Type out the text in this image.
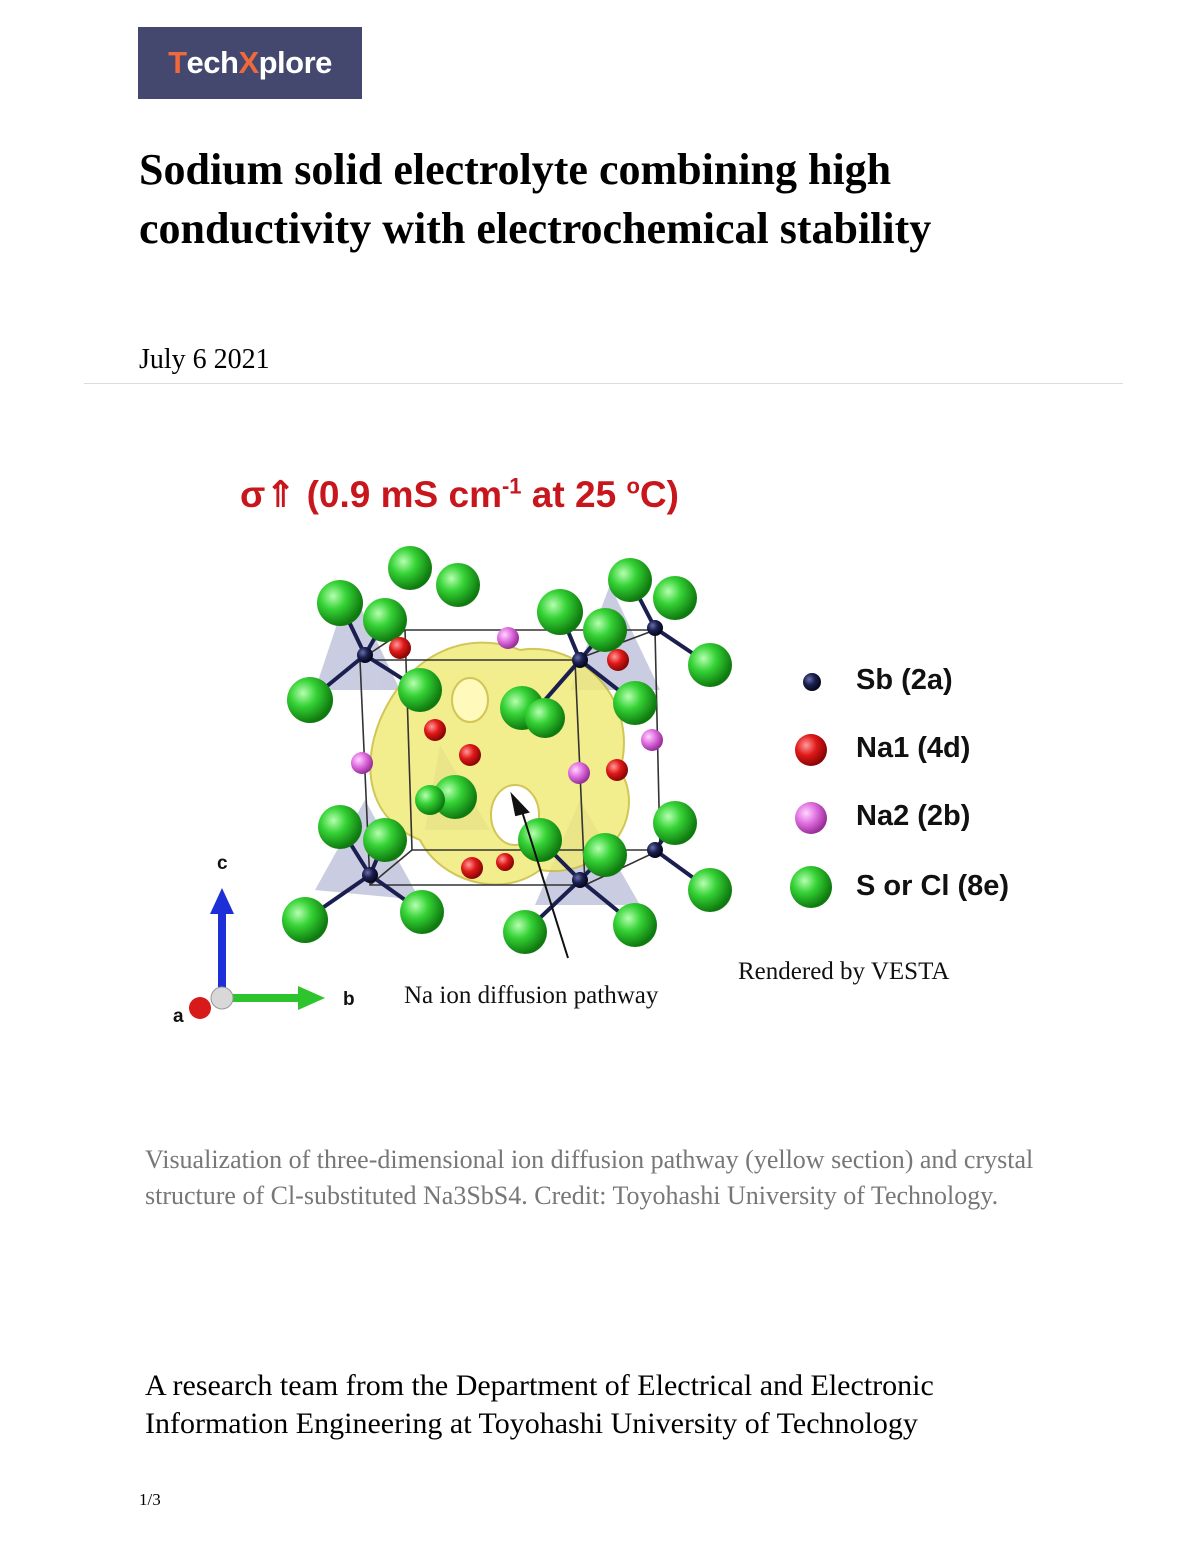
T ech X plore
Sodium solid electrolyte combining high conductivity with electrochemical stability
July 6 2021
σ⇑ (0.9 mS $cm^{-1}$ at 25 $^o$C)
Sb (2a)
Na1 (4d)
Na2 (2b)
S or Cl (8e)
Rendered by VESTA
Na ion diffusion pathway
c
b
a

Visualization of three-dimensional ion diffusion pathway (yellow section) and crystal structure of Cl-substituted Na3SbS4. Credit: Toyohashi University of Technology.

A research team from the Department of Electrical and Electronic Information Engineering at Toyohashi University of Technology

1/3
